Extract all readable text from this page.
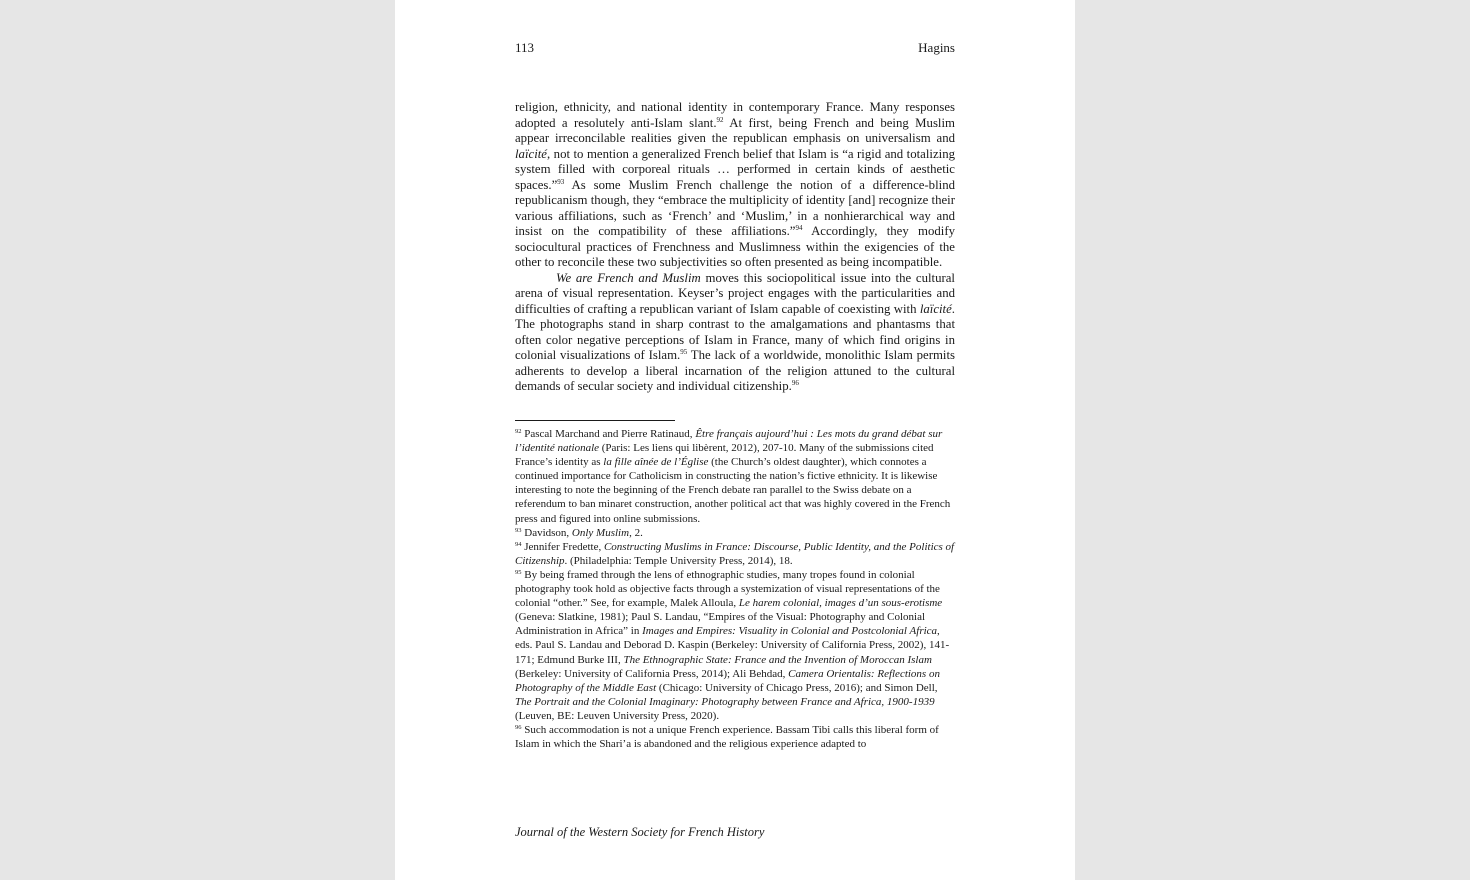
113	Hagins

religion, ethnicity, and national identity in contemporary France. Many responses adopted a resolutely anti-Islam slant.$^{92}$ At first, being French and being Muslim appear irreconcilable realities given the republican emphasis on universalism and laïcité, not to mention a generalized French belief that Islam is “a rigid and totalizing system filled with corporeal rituals … performed in certain kinds of aesthetic spaces.”$^{93}$ As some Muslim French challenge the notion of a difference-blind republicanism though, they “embrace the multiplicity of identity [and] recognize their various affiliations, such as ‘French’ and ‘Muslim,’ in a nonhierarchical way and insist on the compatibility of these affiliations.”$^{94}$ Accordingly, they modify sociocultural practices of Frenchness and Muslimness within the exigencies of the other to reconcile these two subjectivities so often presented as being incompatible.

We are French and Muslim moves this sociopolitical issue into the cultural arena of visual representation. Keyser’s project engages with the particularities and difficulties of crafting a republican variant of Islam capable of coexisting with laïcité. The photographs stand in sharp contrast to the amalgamations and phantasms that often color negative perceptions of Islam in France, many of which find origins in colonial visualizations of Islam.$^{95}$ The lack of a worldwide, monolithic Islam permits adherents to develop a liberal incarnation of the religion attuned to the cultural demands of secular society and individual citizenship.$^{96}$

$^{92}$ Pascal Marchand and Pierre Ratinaud, Être français aujourd’hui : Les mots du grand débat sur l’identité nationale (Paris: Les liens qui libèrent, 2012), 207-10. Many of the submissions cited France’s identity as la fille aînée de l’Église (the Church’s oldest daughter), which connotes a continued importance for Catholicism in constructing the nation’s fictive ethnicity. It is likewise interesting to note the beginning of the French debate ran parallel to the Swiss debate on a referendum to ban minaret construction, another political act that was highly covered in the French press and figured into online submissions.

$^{93}$ Davidson, Only Muslim, 2.

$^{94}$ Jennifer Fredette, Constructing Muslims in France: Discourse, Public Identity, and the Politics of Citizenship. (Philadelphia: Temple University Press, 2014), 18.

$^{95}$ By being framed through the lens of ethnographic studies, many tropes found in colonial photography took hold as objective facts through a systemization of visual representations of the colonial “other.” See, for example, Malek Alloula, Le harem colonial, images d’un sous-erotisme (Geneva: Slatkine, 1981); Paul S. Landau, “Empires of the Visual: Photography and Colonial Administration in Africa” in Images and Empires: Visuality in Colonial and Postcolonial Africa, eds. Paul S. Landau and Deborad D. Kaspin (Berkeley: University of California Press, 2002), 141-171; Edmund Burke III, The Ethnographic State: France and the Invention of Moroccan Islam (Berkeley: University of California Press, 2014); Ali Behdad, Camera Orientalis: Reflections on Photography of the Middle East (Chicago: University of Chicago Press, 2016); and Simon Dell, The Portrait and the Colonial Imaginary: Photography between France and Africa, 1900-1939 (Leuven, BE: Leuven University Press, 2020).

$^{96}$ Such accommodation is not a unique French experience. Bassam Tibi calls this liberal form of Islam in which the Shari’a is abandoned and the religious experience adapted to

Journal of the Western Society for French History
